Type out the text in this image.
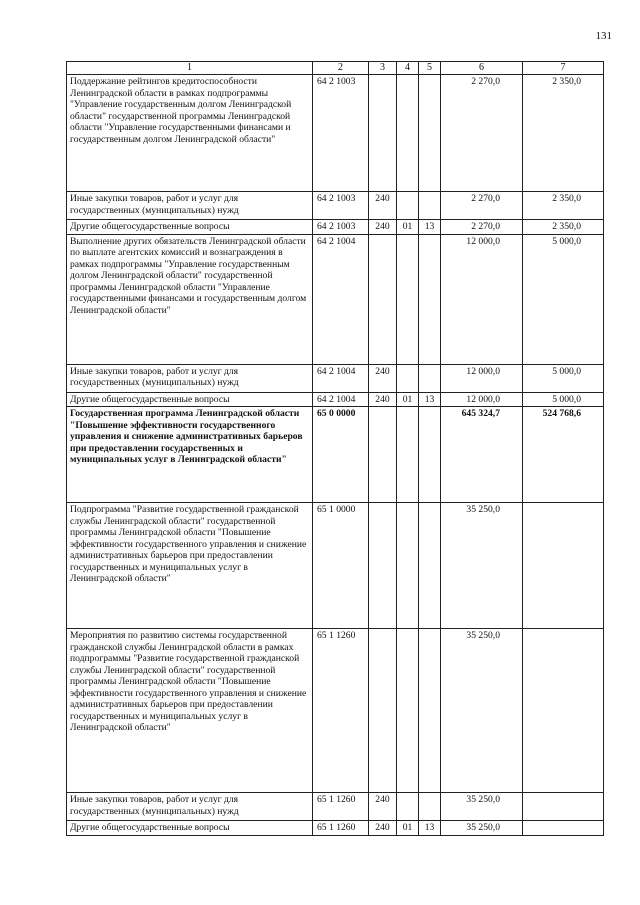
131
1	2	3	4	5	6	7
Поддержание рейтингов кредитоспособности Ленинградской области в рамках подпрограммы "Управление государственным долгом Ленинградской области" государственной программы Ленинградской области "Управление государственными финансами и государственным долгом Ленинградской области"	64 2 1003				2 270,0	2 350,0
Иные закупки товаров, работ и услуг для государственных (муниципальных) нужд	64 2 1003	240			2 270,0	2 350,0
Другие общегосударственные вопросы	64 2 1003	240	01	13	2 270,0	2 350,0
Выполнение других обязательств Ленинградской области по выплате агентских комиссий и вознаграждения в рамках подпрограммы "Управление государственным долгом Ленинградской области" государственной программы Ленинградской области "Управление государственными финансами и государственным долгом Ленинградской области"	64 2 1004				12 000,0	5 000,0
Иные закупки товаров, работ и услуг для государственных (муниципальных) нужд	64 2 1004	240			12 000,0	5 000,0
Другие общегосударственные вопросы	64 2 1004	240	01	13	12 000,0	5 000,0
Государственная программа Ленинградской области "Повышение эффективности государственного управления и снижение административных барьеров при предоставлении государственных и муниципальных услуг в Ленинградской области"	65 0 0000				645 324,7	524 768,6
Подпрограмма "Развитие государственной гражданской службы Ленинградской области" государственной программы Ленинградской области "Повышение эффективности государственного управления и снижение административных барьеров при предоставлении государственных и муниципальных услуг в Ленинградской области"	65 1 0000				35 250,0	
Мероприятия по развитию системы государственной гражданской службы Ленинградской области в рамках подпрограммы "Развитие государственной гражданской службы Ленинградской области" государственной программы Ленинградской области "Повышение эффективности государственного управления и снижение административных барьеров при предоставлении государственных и муниципальных услуг в Ленинградской области"	65 1 1260				35 250,0	
Иные закупки товаров, работ и услуг для государственных (муниципальных) нужд	65 1 1260	240			35 250,0	
Другие общегосударственные вопросы	65 1 1260	240	01	13	35 250,0	
